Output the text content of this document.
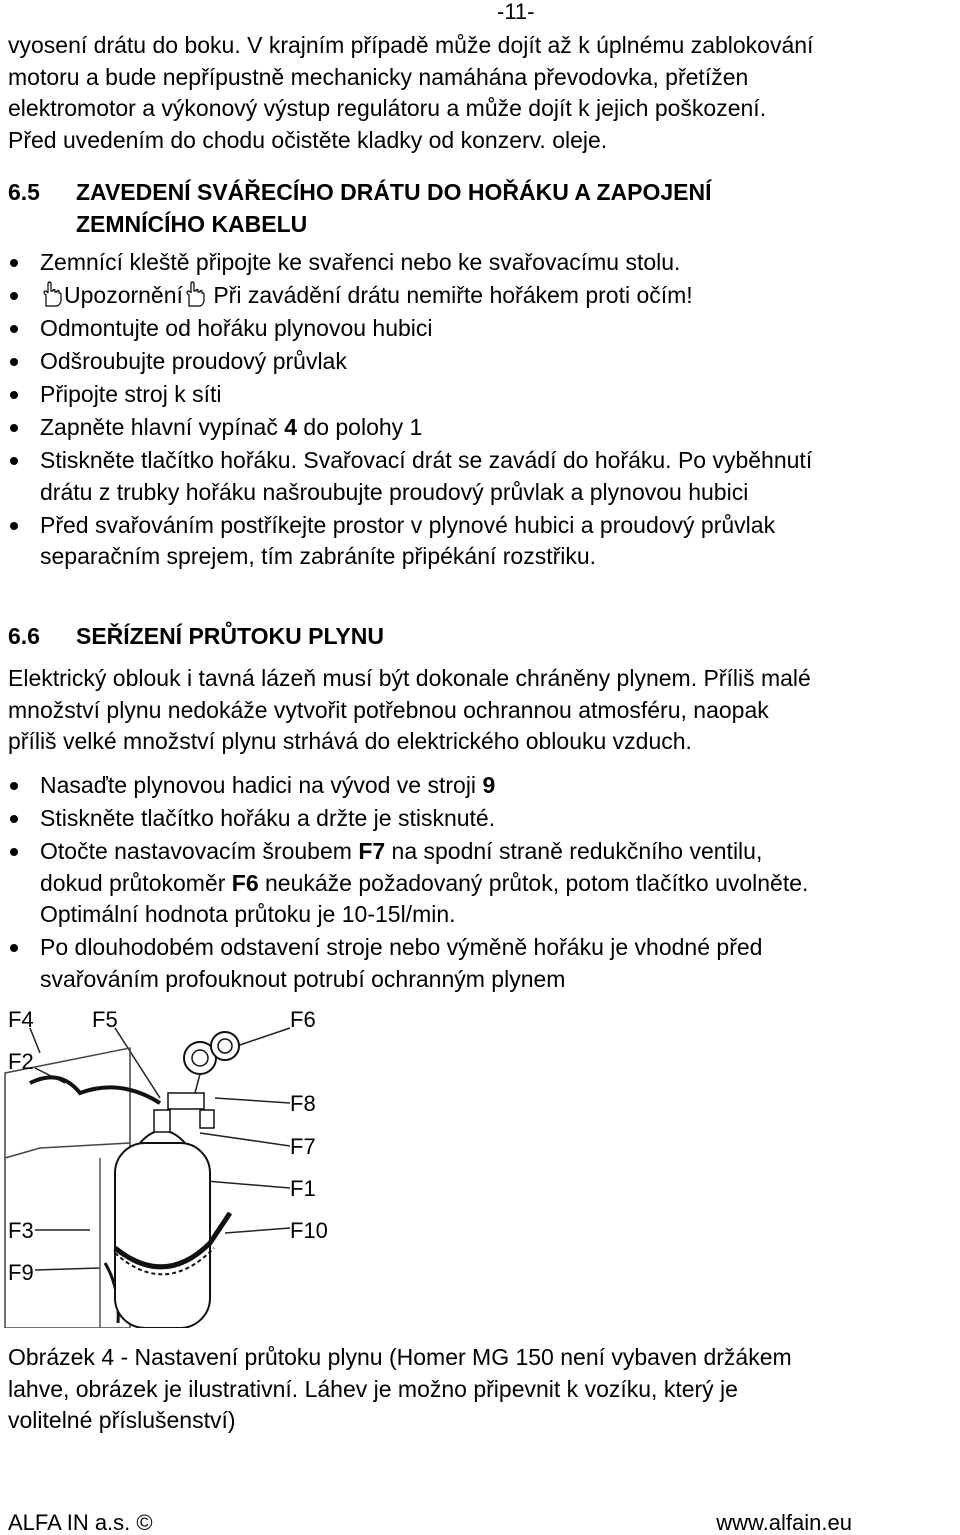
-11-
vyosení drátu do boku. V krajním případě může dojít až k úplnému zablokování
motoru a bude nepřípustně mechanicky namáhána převodovka, přetížen
elektromotor a výkonový výstup regulátoru a může dojít k jejich poškození.
Před uvedením do chodu očistěte kladky od konzerv. oleje.
6.5 ZAVEDENÍ SVÁŘECÍHO DRÁTU DO HOŘÁKU A ZAPOJENÍ
ZEMNÍCÍHO KABELU
Zemnící kleště připojte ke svařenci nebo ke svařovacímu stolu.
Upozornění Při zavádění drátu nemiřte hořákem proti očím!
Odmontujte od hořáku plynovou hubici
Odšroubujte proudový průvlak
Připojte stroj k síti
Zapněte hlavní vypínač 4 do polohy 1
Stiskněte tlačítko hořáku. Svařovací drát se zavádí do hořáku. Po vyběhnutí
drátu z trubky hořáku našroubujte proudový průvlak a plynovou hubici
Před svařováním postříkejte prostor v plynové hubici a proudový průvlak
separačním sprejem, tím zabráníte připékání rozstřiku.
6.6 SEŘÍZENÍ PRŮTOKU PLYNU
Elektrický oblouk i tavná lázeň musí být dokonale chráněny plynem. Příliš malé
množství plynu nedokáže vytvořit potřebnou ochrannou atmosféru, naopak
příliš velké množství plynu strhává do elektrického oblouku vzduch.
Nasaďte plynovou hadici na vývod ve stroji 9
Stiskněte tlačítko hořáku a držte je stisknuté.
Otočte nastavovacím šroubem F7 na spodní straně redukčního ventilu,
dokud průtokoměr F6 neukáže požadovaný průtok, potom tlačítko uvolněte.
Optimální hodnota průtoku je 10-15l/min.
Po dlouhodobém odstavení stroje nebo výměně hořáku je vhodné před
svařováním profouknout potrubí ochranným plynem
F4	F5	F6
F2
F8
F7
F1
F3	F10
F9
Obrázek 4 - Nastavení průtoku plynu (Homer MG 150 není vybaven držákem
lahve, obrázek je ilustrativní. Láhev je možno připevnit k vozíku, který je
volitelné příslušenství)
ALFA IN a.s. ©	www.alfain.eu
